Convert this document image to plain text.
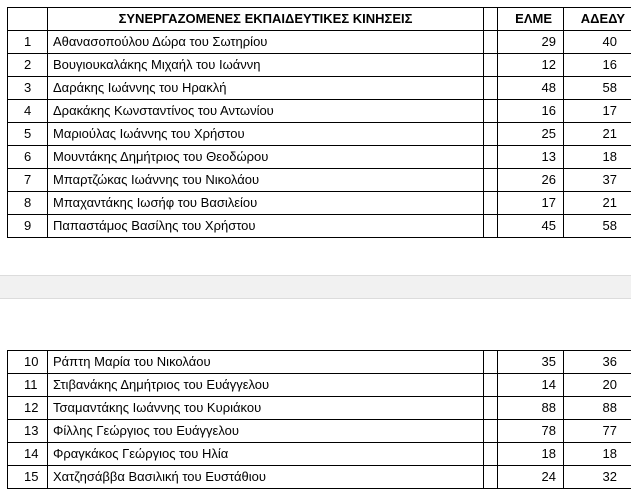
	ΣΥΝΕΡΓΑΖΟΜΕΝΕΣ ΕΚΠΑΙΔΕΥΤΙΚΕΣ ΚΙΝΗΣΕΙΣ		ΕΛΜΕ	ΑΔΕΔΥ
1	Αθανασοπούλου Δώρα του Σωτηρίου		29	40
2	Βουγιουκαλάκης Μιχαήλ του Ιωάννη		12	16
3	Δαράκης Ιωάννης του Ηρακλή		48	58
4	Δρακάκης Κωνσταντίνος του Αντωνίου		16	17
5	Μαριούλας Ιωάννης του Χρήστου		25	21
6	Μουντάκης Δημήτριος του Θεοδώρου		13	18
7	Μπαρτζώκας Ιωάννης του Νικολάου		26	37
8	Μπαχαντάκης Ιωσήφ του Βασιλείου		17	21
9	Παπαστάμος Βασίλης του Χρήστου		45	58
10	Ράπτη Μαρία του Νικολάου		35	36
11	Στιβανάκης Δημήτριος του Ευάγγελου		14	20
12	Τσαμαντάκης Ιωάννης του Κυριάκου		88	88
13	Φίλλης Γεώργιος του Ευάγγελου		78	77
14	Φραγκάκος Γεώργιος του Ηλία		18	18
15	Χατζησάββα Βασιλική του Ευστάθιου		24	32
